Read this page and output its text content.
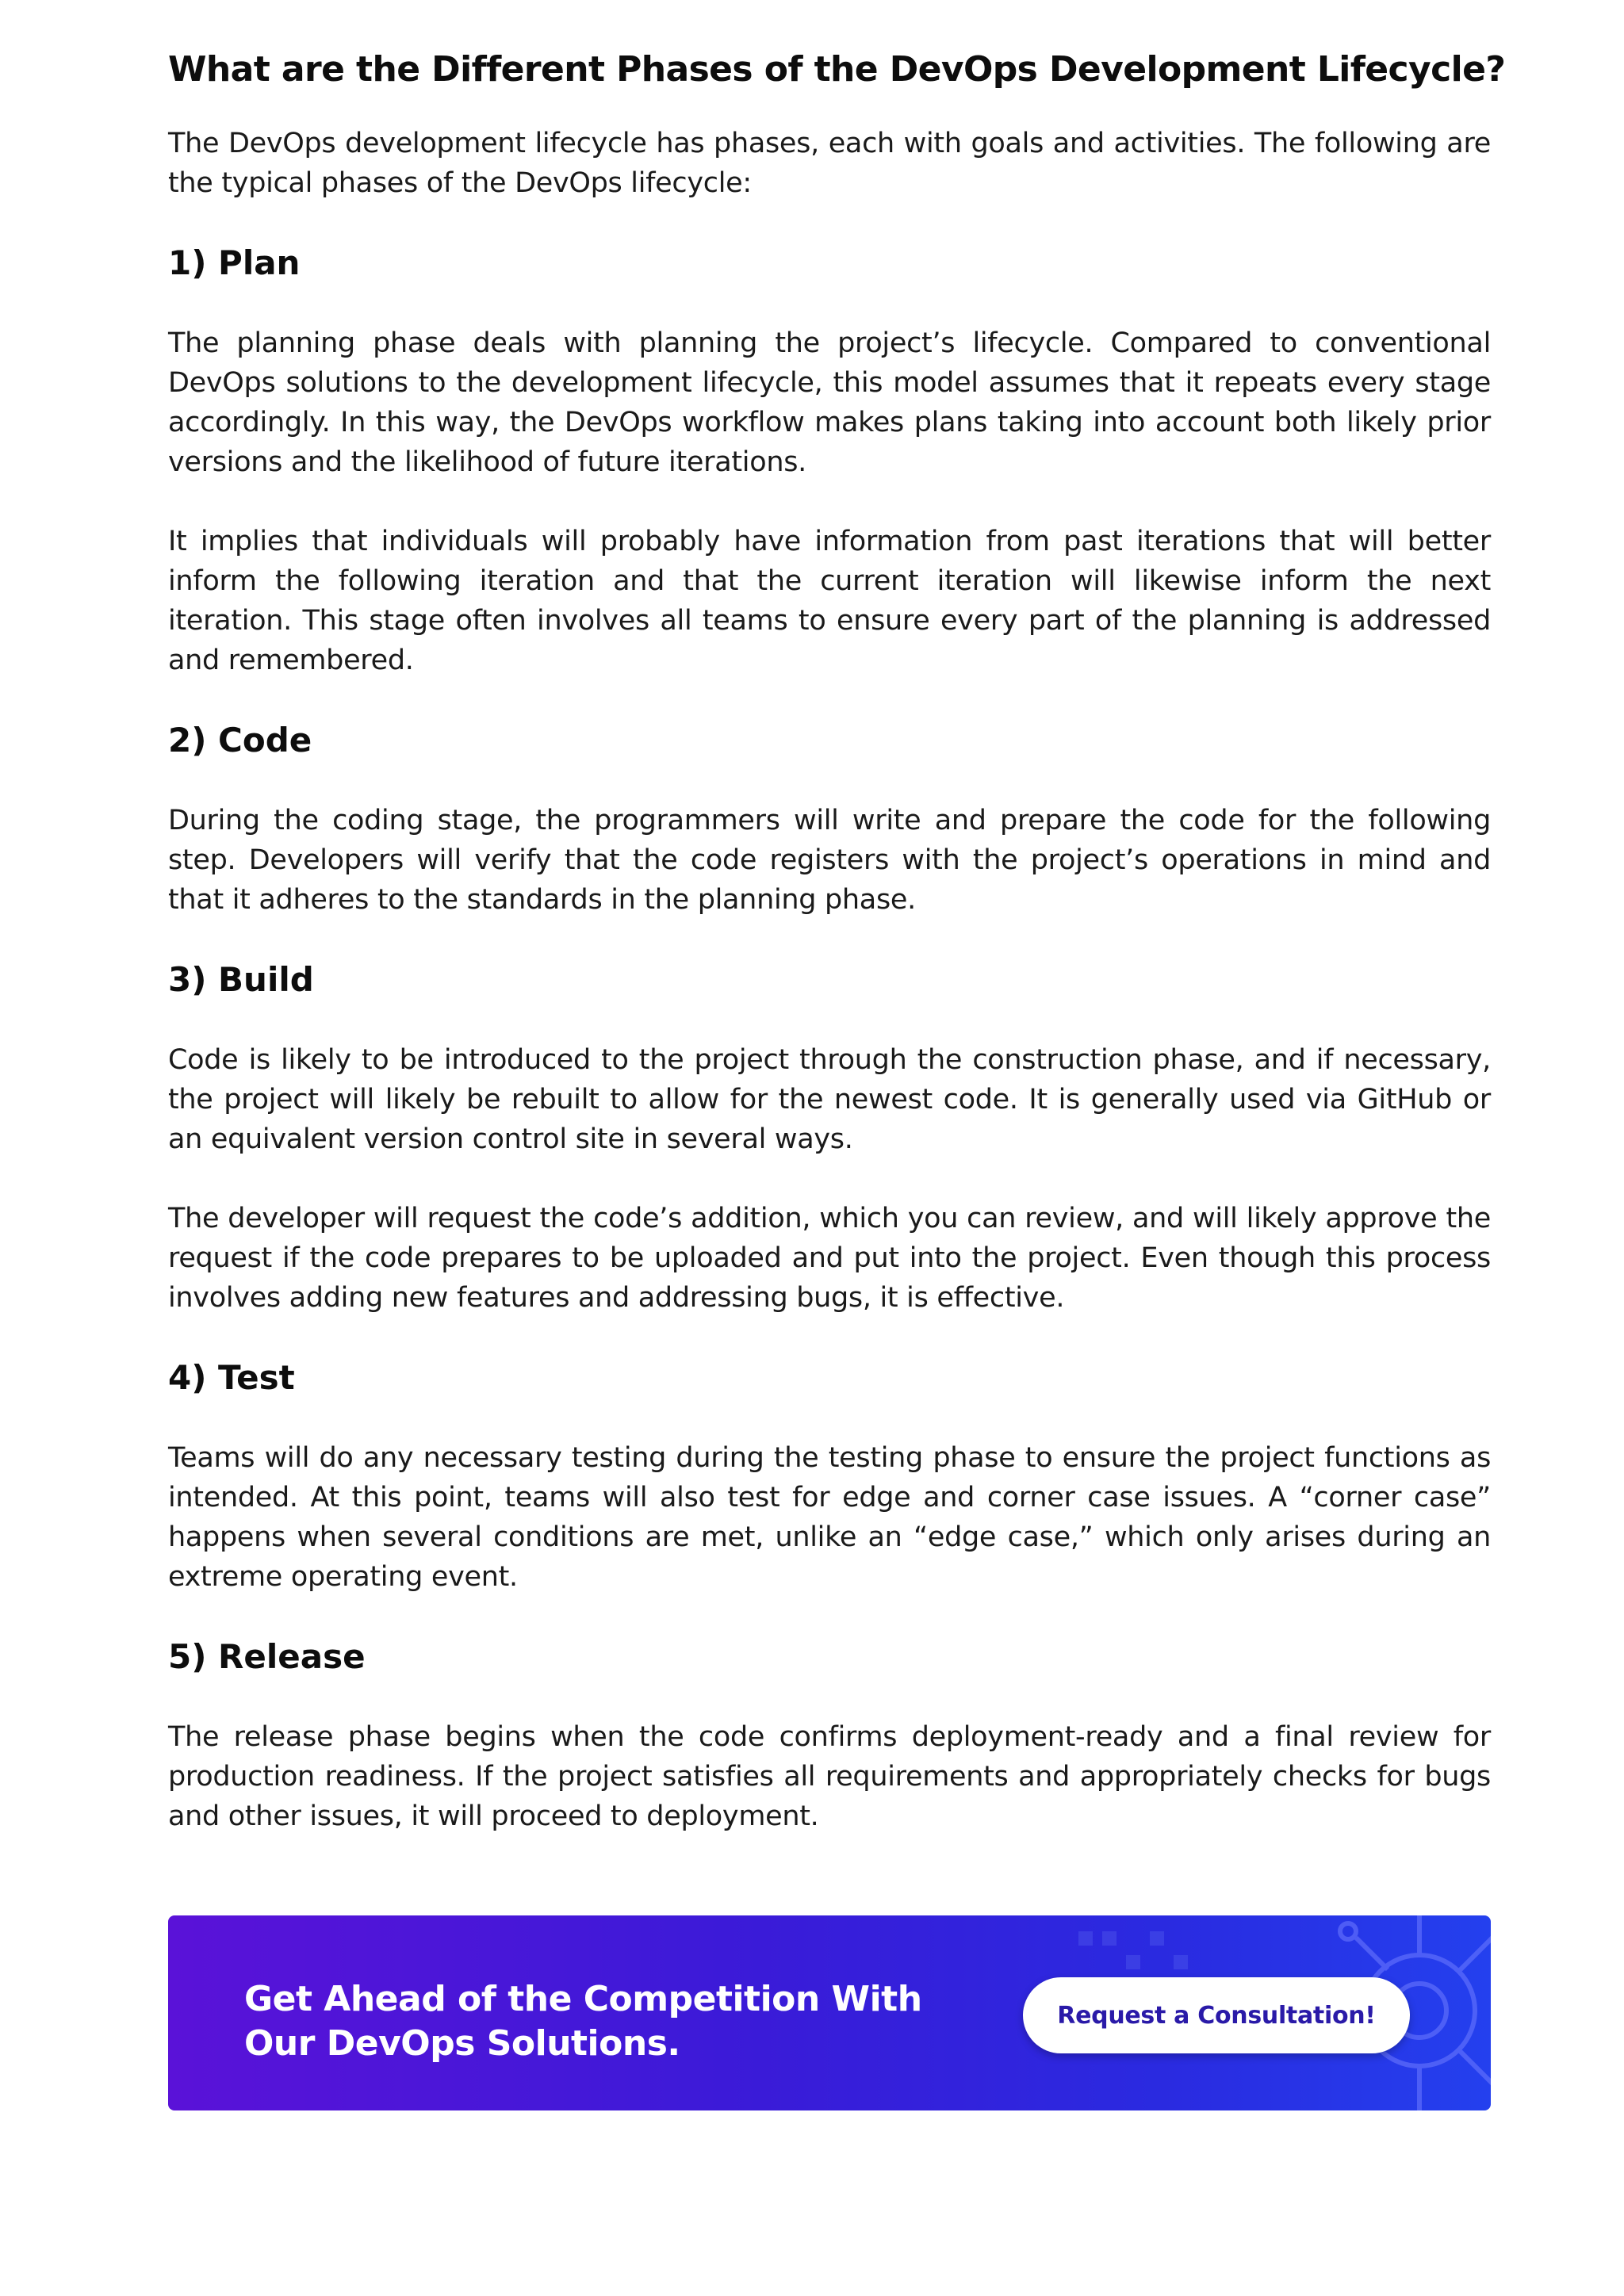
What are the Different Phases of the DevOps Development Lifecycle?

The DevOps development lifecycle has phases, each with goals and activities. The following are the typical phases of the DevOps lifecycle:

1) Plan

The planning phase deals with planning the project’s lifecycle. Compared to conventional DevOps solutions to the development lifecycle, this model assumes that it repeats every stage accordingly. In this way, the DevOps workflow makes plans taking into account both likely prior versions and the likelihood of future iterations.

It implies that individuals will probably have information from past iterations that will better inform the following iteration and that the current iteration will likewise inform the next iteration. This stage often involves all teams to ensure every part of the planning is addressed and remembered.

2) Code

During the coding stage, the programmers will write and prepare the code for the following step. Developers will verify that the code registers with the project’s operations in mind and that it adheres to the standards in the planning phase.

3) Build

Code is likely to be introduced to the project through the construction phase, and if necessary, the project will likely be rebuilt to allow for the newest code. It is generally used via GitHub or an equivalent version control site in several ways.

The developer will request the code’s addition, which you can review, and will likely approve the request if the code prepares to be uploaded and put into the project. Even though this process involves adding new features and addressing bugs, it is effective.

4) Test

Teams will do any necessary testing during the testing phase to ensure the project functions as intended. At this point, teams will also test for edge and corner case issues. A “corner case” happens when several conditions are met, unlike an “edge case,” which only arises during an extreme operating event.

5) Release

The release phase begins when the code confirms deployment-ready and a final review for production readiness. If the project satisfies all requirements and appropriately checks for bugs and other issues, it will proceed to deployment.

Get Ahead of the Competition With
Our DevOps Solutions.
Request a Consultation!
